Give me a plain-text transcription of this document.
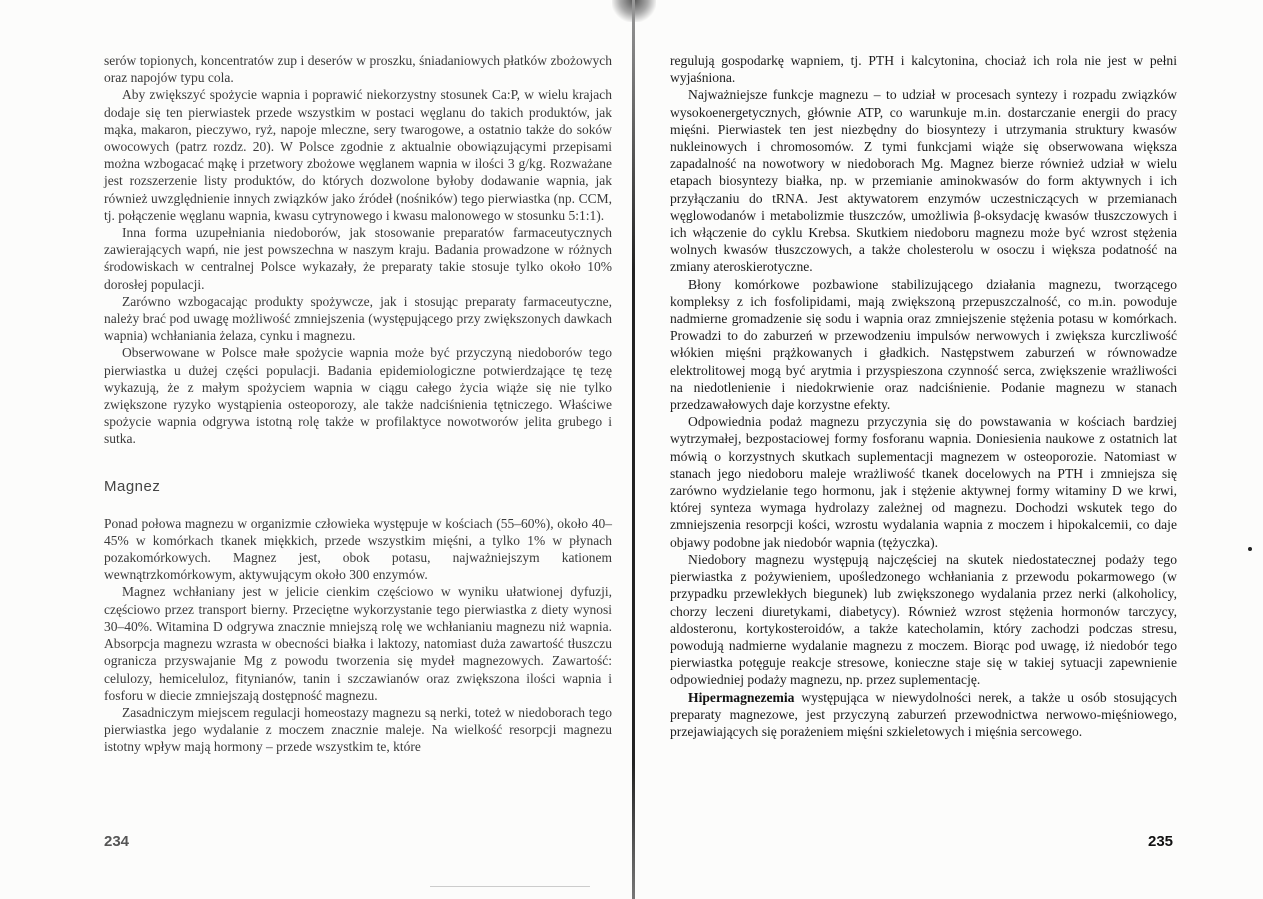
serów topionych, koncentratów zup i deserów w proszku, śniadaniowych płatków zbożowych oraz napojów typu cola.

Aby zwiększyć spożycie wapnia i poprawić niekorzystny stosunek Ca:P, w wielu krajach dodaje się ten pierwiastek przede wszystkim w postaci węglanu do takich produktów, jak mąka, makaron, pieczywo, ryż, napoje mleczne, sery twarogowe, a ostatnio także do soków owocowych (patrz rozdz. 20). W Polsce zgodnie z aktualnie obowiązującymi przepisami można wzbogacać mąkę i przetwory zbożowe węglanem wapnia w ilości 3 g/kg. Rozważane jest rozszerzenie listy produktów, do których dozwolone byłoby dodawanie wapnia, jak również uwzględnienie innych związków jako źródeł (nośników) tego pierwiastka (np. CCM, tj. połączenie węglanu wapnia, kwasu cytrynowego i kwasu malonowego w stosunku 5:1:1).

Inna forma uzupełniania niedoborów, jak stosowanie preparatów farmaceutycznych zawierających wapń, nie jest powszechna w naszym kraju. Badania prowadzone w różnych środowiskach w centralnej Polsce wykazały, że preparaty takie stosuje tylko około 10% dorosłej populacji.

Zarówno wzbogacając produkty spożywcze, jak i stosując preparaty farmaceutyczne, należy brać pod uwagę możliwość zmniejszenia (występującego przy zwiększonych dawkach wapnia) wchłaniania żelaza, cynku i magnezu.

Obserwowane w Polsce małe spożycie wapnia może być przyczyną niedoborów tego pierwiastka u dużej części populacji. Badania epidemiologiczne potwierdzające tę tezę wykazują, że z małym spożyciem wapnia w ciągu całego życia wiąże się nie tylko zwiększone ryzyko wystąpienia osteoporozy, ale także nadciśnienia tętniczego. Właściwe spożycie wapnia odgrywa istotną rolę także w profilaktyce nowotworów jelita grubego i sutka.

Magnez

Ponad połowa magnezu w organizmie człowieka występuje w kościach (55–60%), około 40–45% w komórkach tkanek miękkich, przede wszystkim mięśni, a tylko 1% w płynach pozakomórkowych. Magnez jest, obok potasu, najważniejszym kationem wewnątrzkomórkowym, aktywującym około 300 enzymów.

Magnez wchłaniany jest w jelicie cienkim częściowo w wyniku ułatwionej dyfuzji, częściowo przez transport bierny. Przeciętne wykorzystanie tego pierwiastka z diety wynosi 30–40%. Witamina D odgrywa znacznie mniejszą rolę we wchłanianiu magnezu niż wapnia. Absorpcja magnezu wzrasta w obecności białka i laktozy, natomiast duża zawartość tłuszczu ogranicza przyswajanie Mg z powodu tworzenia się mydeł magnezowych. Zawartość: celulozy, hemiceluloz, fitynianów, tanin i szczawianów oraz zwiększona ilości wapnia i fosforu w diecie zmniejszają dostępność magnezu.

Zasadniczym miejscem regulacji homeostazy magnezu są nerki, toteż w niedoborach tego pierwiastka jego wydalanie z moczem znacznie maleje. Na wielkość resorpcji magnezu istotny wpływ mają hormony – przede wszystkim te, które

regulują gospodarkę wapniem, tj. PTH i kalcytonina, chociaż ich rola nie jest w pełni wyjaśniona.

Najważniejsze funkcje magnezu – to udział w procesach syntezy i rozpadu związków wysokoenergetycznych, głównie ATP, co warunkuje m.in. dostarczanie energii do pracy mięśni. Pierwiastek ten jest niezbędny do biosyntezy i utrzymania struktury kwasów nukleinowych i chromosomów. Z tymi funkcjami wiąże się obserwowana większa zapadalność na nowotwory w niedoborach Mg. Magnez bierze również udział w wielu etapach biosyntezy białka, np. w przemianie aminokwasów do form aktywnych i ich przyłączaniu do tRNA. Jest aktywatorem enzymów uczestniczących w przemianach węglowodanów i metabolizmie tłuszczów, umożliwia β-oksydację kwasów tłuszczowych i ich włączenie do cyklu Krebsa. Skutkiem niedoboru magnezu może być wzrost stężenia wolnych kwasów tłuszczowych, a także cholesterolu w osoczu i większa podatność na zmiany ateroskierotyczne.

Błony komórkowe pozbawione stabilizującego działania magnezu, tworzącego kompleksy z ich fosfolipidami, mają zwiększoną przepuszczalność, co m.in. powoduje nadmierne gromadzenie się sodu i wapnia oraz zmniejszenie stężenia potasu w komórkach. Prowadzi to do zaburzeń w przewodzeniu impulsów nerwowych i zwiększa kurczliwość włókien mięśni prążkowanych i gładkich. Następstwem zaburzeń w równowadze elektrolitowej mogą być arytmia i przyspieszona czynność serca, zwiększenie wrażliwości na niedotlenienie i niedokrwienie oraz nadciśnienie. Podanie magnezu w stanach przedzawałowych daje korzystne efekty.

Odpowiednia podaż magnezu przyczynia się do powstawania w kościach bardziej wytrzymałej, bezpostaciowej formy fosforanu wapnia. Doniesienia naukowe z ostatnich lat mówią o korzystnych skutkach suplementacji magnezem w osteoporozie. Natomiast w stanach jego niedoboru maleje wrażliwość tkanek docelowych na PTH i zmniejsza się zarówno wydzielanie tego hormonu, jak i stężenie aktywnej formy witaminy D we krwi, której synteza wymaga hydrolazy zależnej od magnezu. Dochodzi wskutek tego do zmniejszenia resorpcji kości, wzrostu wydalania wapnia z moczem i hipokalcemii, co daje objawy podobne jak niedobór wapnia (tężyczka).

Niedobory magnezu występują najczęściej na skutek niedostatecznej podaży tego pierwiastka z pożywieniem, upośledzonego wchłaniania z przewodu pokarmowego (w przypadku przewlekłych biegunek) lub zwiększonego wydalania przez nerki (alkoholicy, chorzy leczeni diuretykami, diabetycy). Również wzrost stężenia hormonów tarczycy, aldosteronu, kortykosteroidów, a także katecholamin, który zachodzi podczas stresu, powodują nadmierne wydalanie magnezu z moczem. Biorąc pod uwagę, iż niedobór tego pierwiastka potęguje reakcje stresowe, konieczne staje się w takiej sytuacji zapewnienie odpowiedniej podaży magnezu, np. przez suplementację.

Hipermagnezemia występująca w niewydolności nerek, a także u osób stosujących preparaty magnezowe, jest przyczyną zaburzeń przewodnictwa nerwowo-mięśniowego, przejawiających się porażeniem mięśni szkieletowych i mięśnia sercowego.

234	235
